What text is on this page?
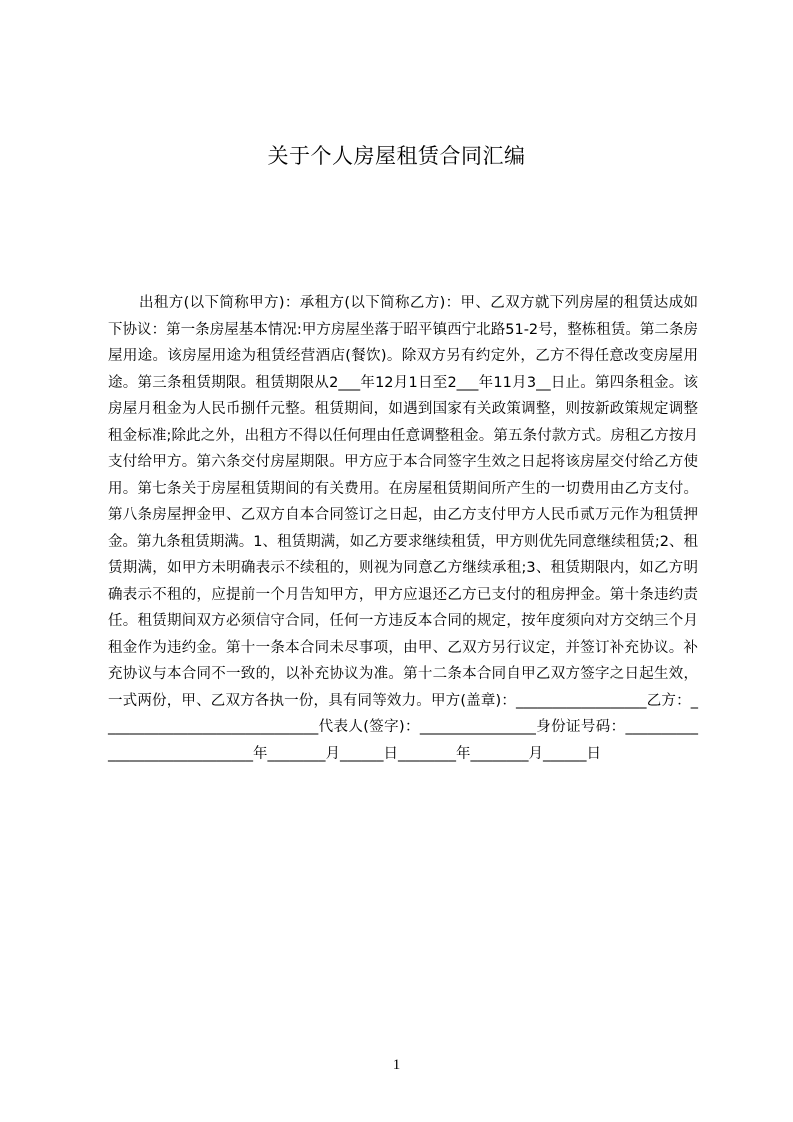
关于个人房屋租赁合同汇编

出租方(以下简称甲方)：承租方(以下简称乙方)：甲、乙双方就下列房屋的租赁达成如下协议：第一条房屋基本情况:甲方房屋坐落于昭平镇西宁北路51-2号，整栋租赁。第二条房屋用途。该房屋用途为租赁经营酒店(餐饮)。除双方另有约定外，乙方不得任意改变房屋用途。第三条租赁期限。租赁期限从2___年12月1日至2___年11月3__日止。第四条租金。该房屋月租金为人民币捌仟元整。租赁期间，如遇到国家有关政策调整，则按新政策规定调整租金标准;除此之外，出租方不得以任何理由任意调整租金。第五条付款方式。房租乙方按月支付给甲方。第六条交付房屋期限。甲方应于本合同签字生效之日起将该房屋交付给乙方使用。第七条关于房屋租赁期间的有关费用。在房屋租赁期间所产生的一切费用由乙方支付。第八条房屋押金甲、乙双方自本合同签订之日起，由乙方支付甲方人民币贰万元作为租赁押金。第九条租赁期满。1、租赁期满，如乙方要求继续租赁，甲方则优先同意继续租赁;2、租赁期满，如甲方未明确表示不续租的，则视为同意乙方继续承租;3、租赁期限内，如乙方明确表示不租的，应提前一个月告知甲方，甲方应退还乙方已支付的租房押金。第十条违约责任。租赁期间双方必须信守合同，任何一方违反本合同的规定，按年度须向对方交纳三个月租金作为违约金。第十一条本合同未尽事项，由甲、乙双方另行议定，并签订补充协议。补充协议与本合同不一致的，以补充协议为准。第十二条本合同自甲乙双方签字之日起生效，一式两份，甲、乙双方各执一份，具有同等效力。甲方(盖章)：__________________乙方：______________________________代表人(签字)：________________身份证号码：______________________________年________月______日________年________月______日

1
